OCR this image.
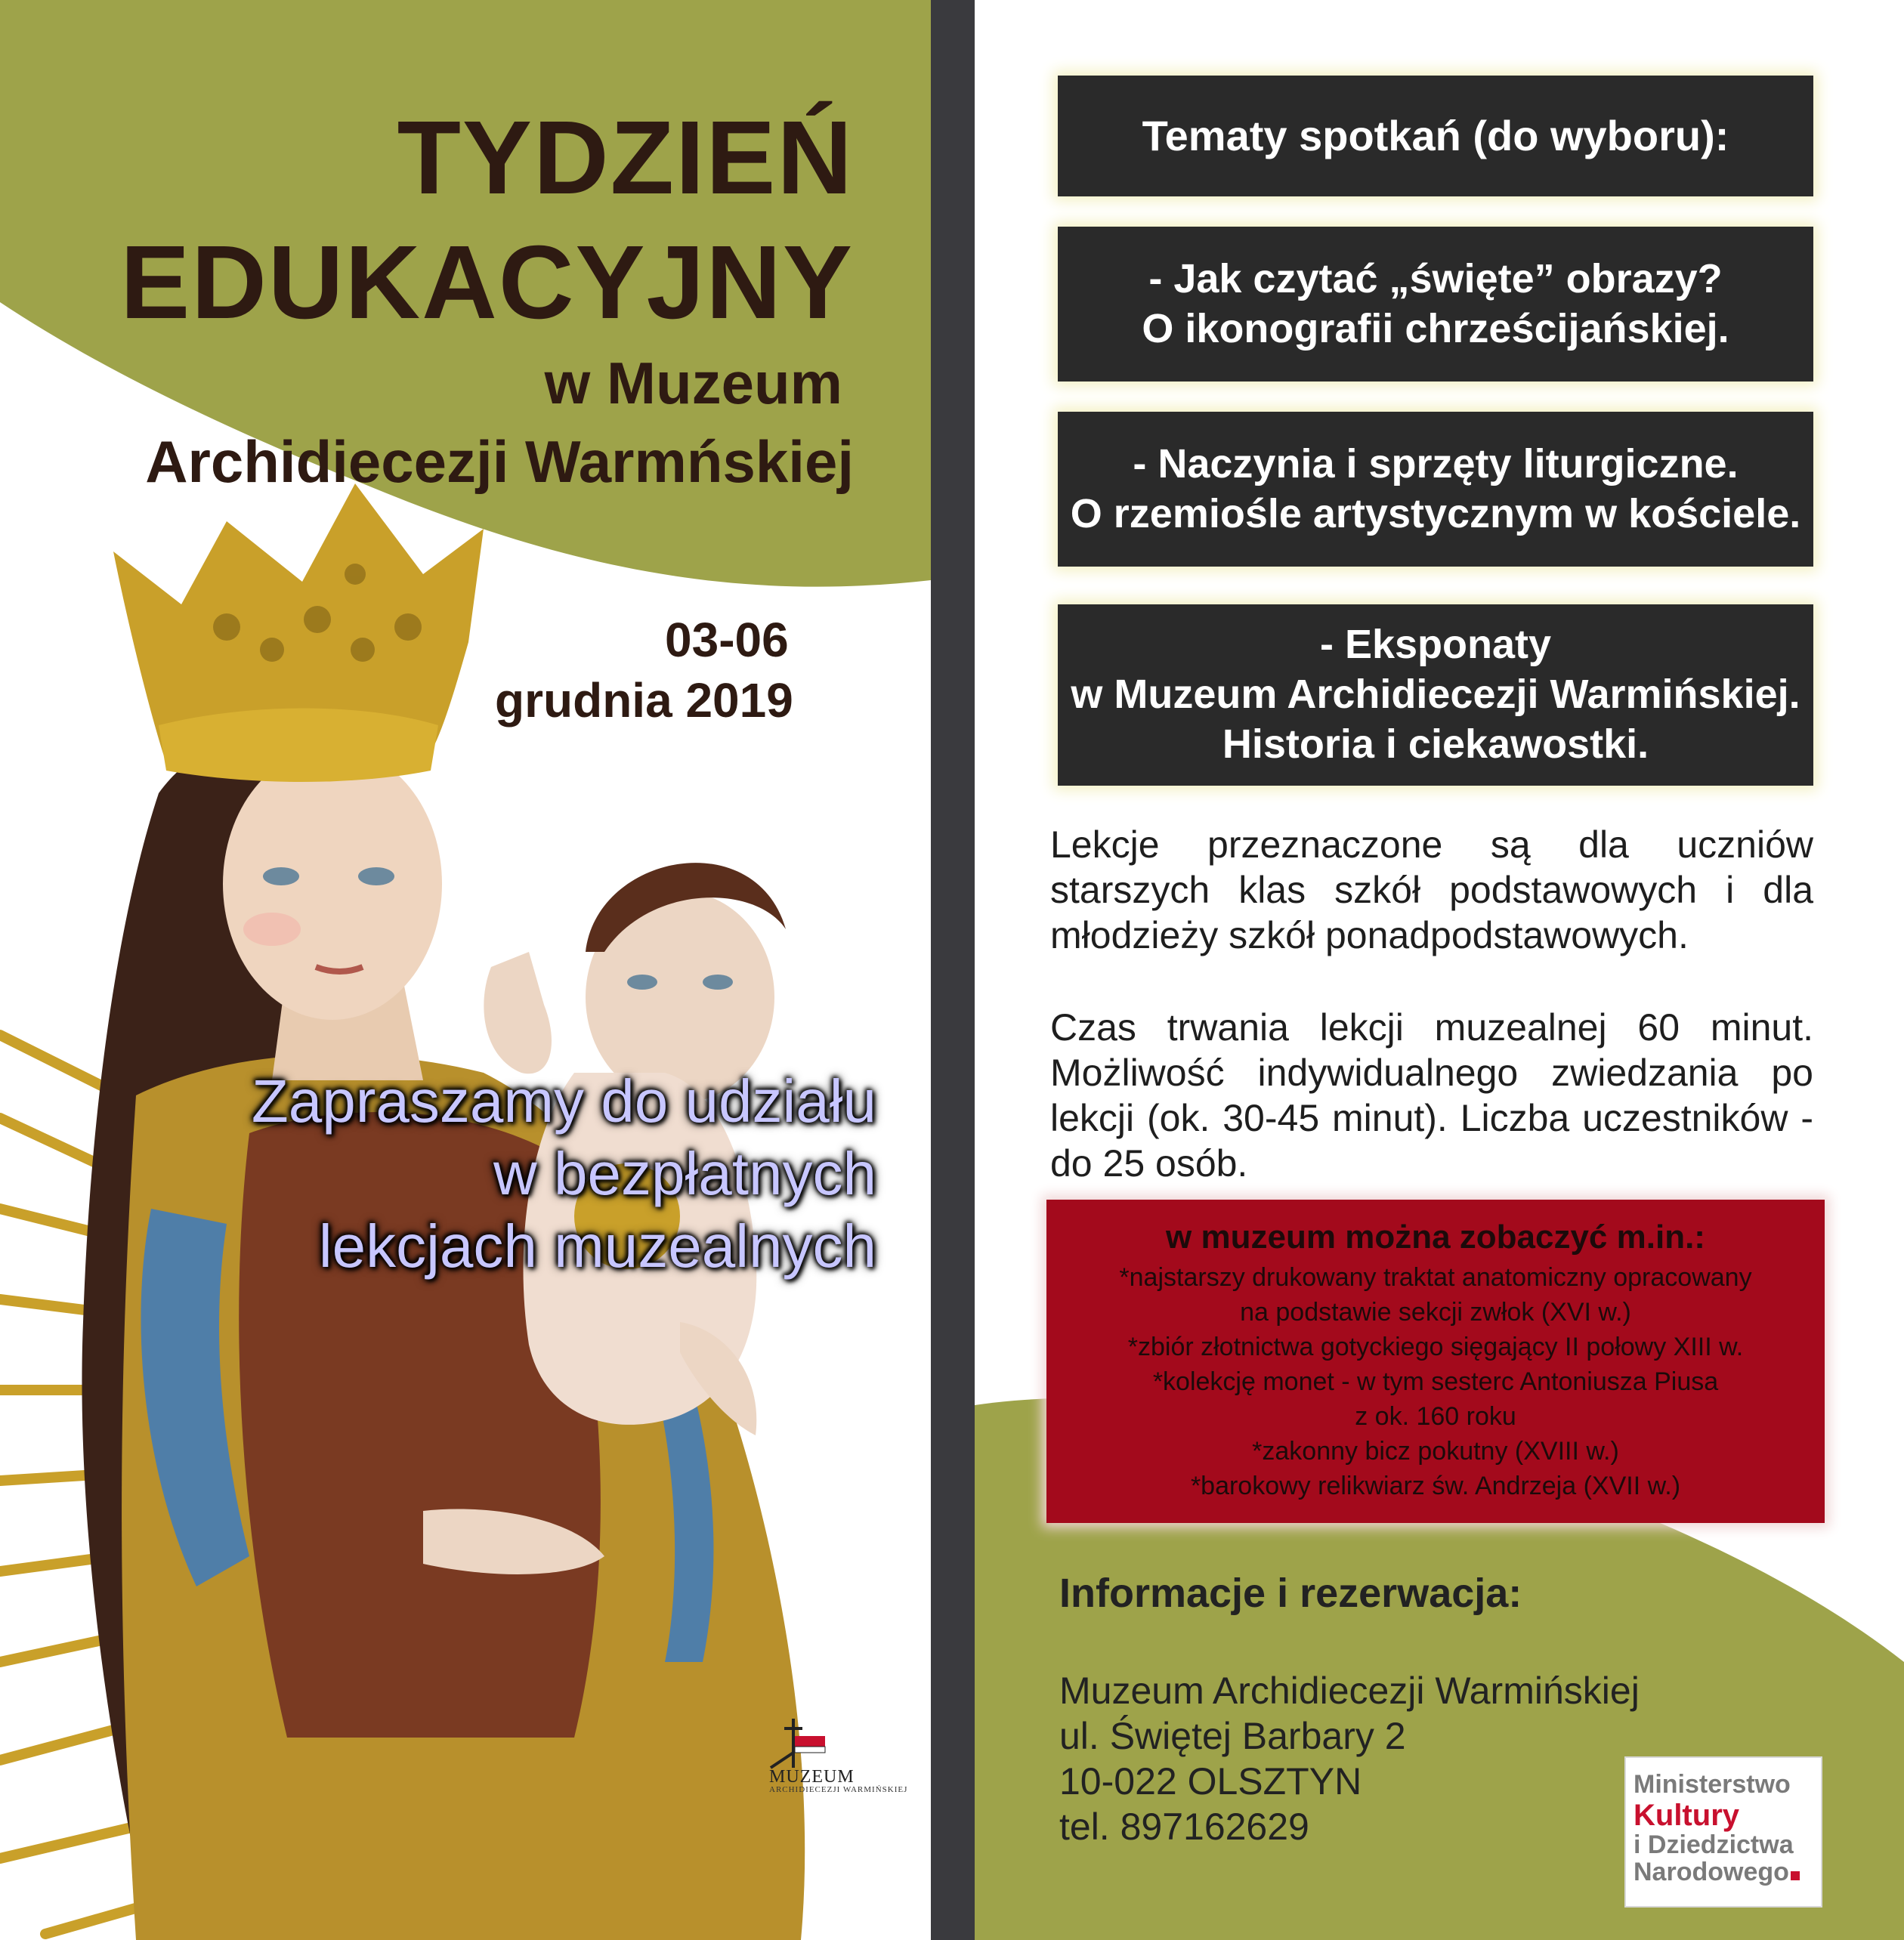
TYDZIEŃ
EDUKACYJNY
w Muzeum
Archidiecezji Warmńskiej
03-06
grudnia 2019
Zapraszamy do udziału
w bezpłatnych
lekcjach muzealnych
MUZEUM
ARCHIDIECEZJI WARMIŃSKIEJ
Tematy spotkań (do wyboru):
- Jak czytać „święte” obrazy?
O ikonografii chrześcijańskiej.
- Naczynia i sprzęty liturgiczne.
O rzemiośle artystycznym w kościele.
- Eksponaty
w Muzeum Archidiecezji Warmińskiej.
Historia i ciekawostki.
Lekcje przeznaczone są dla uczniów
starszych klas szkół podstawowych i dla
młodzieży szkół ponadpodstawowych.
Czas trwania lekcji muzealnej 60 minut.
Możliwość indywidualnego zwiedzania po
lekcji (ok. 30-45 minut). Liczba uczestników -
do 25 osób.
w muzeum można zobaczyć m.in.:
*najstarszy drukowany traktat anatomiczny opracowany
na podstawie sekcji zwłok (XVI w.)
*zbiór złotnictwa gotyckiego sięgający II połowy XIII w.
*kolekcję monet - w tym sesterc Antoniusza Piusa
z ok. 160 roku
*zakonny bicz pokutny (XVIII w.)
*barokowy relikwiarz św. Andrzeja (XVII w.)
Informacje i rezerwacja:
Muzeum Archidiecezji Warmińskiej
ul. Świętej Barbary 2
10-022 OLSZTYN
tel. 897162629
Ministerstwo
Kultury
i Dziedzictwa
Narodowego
